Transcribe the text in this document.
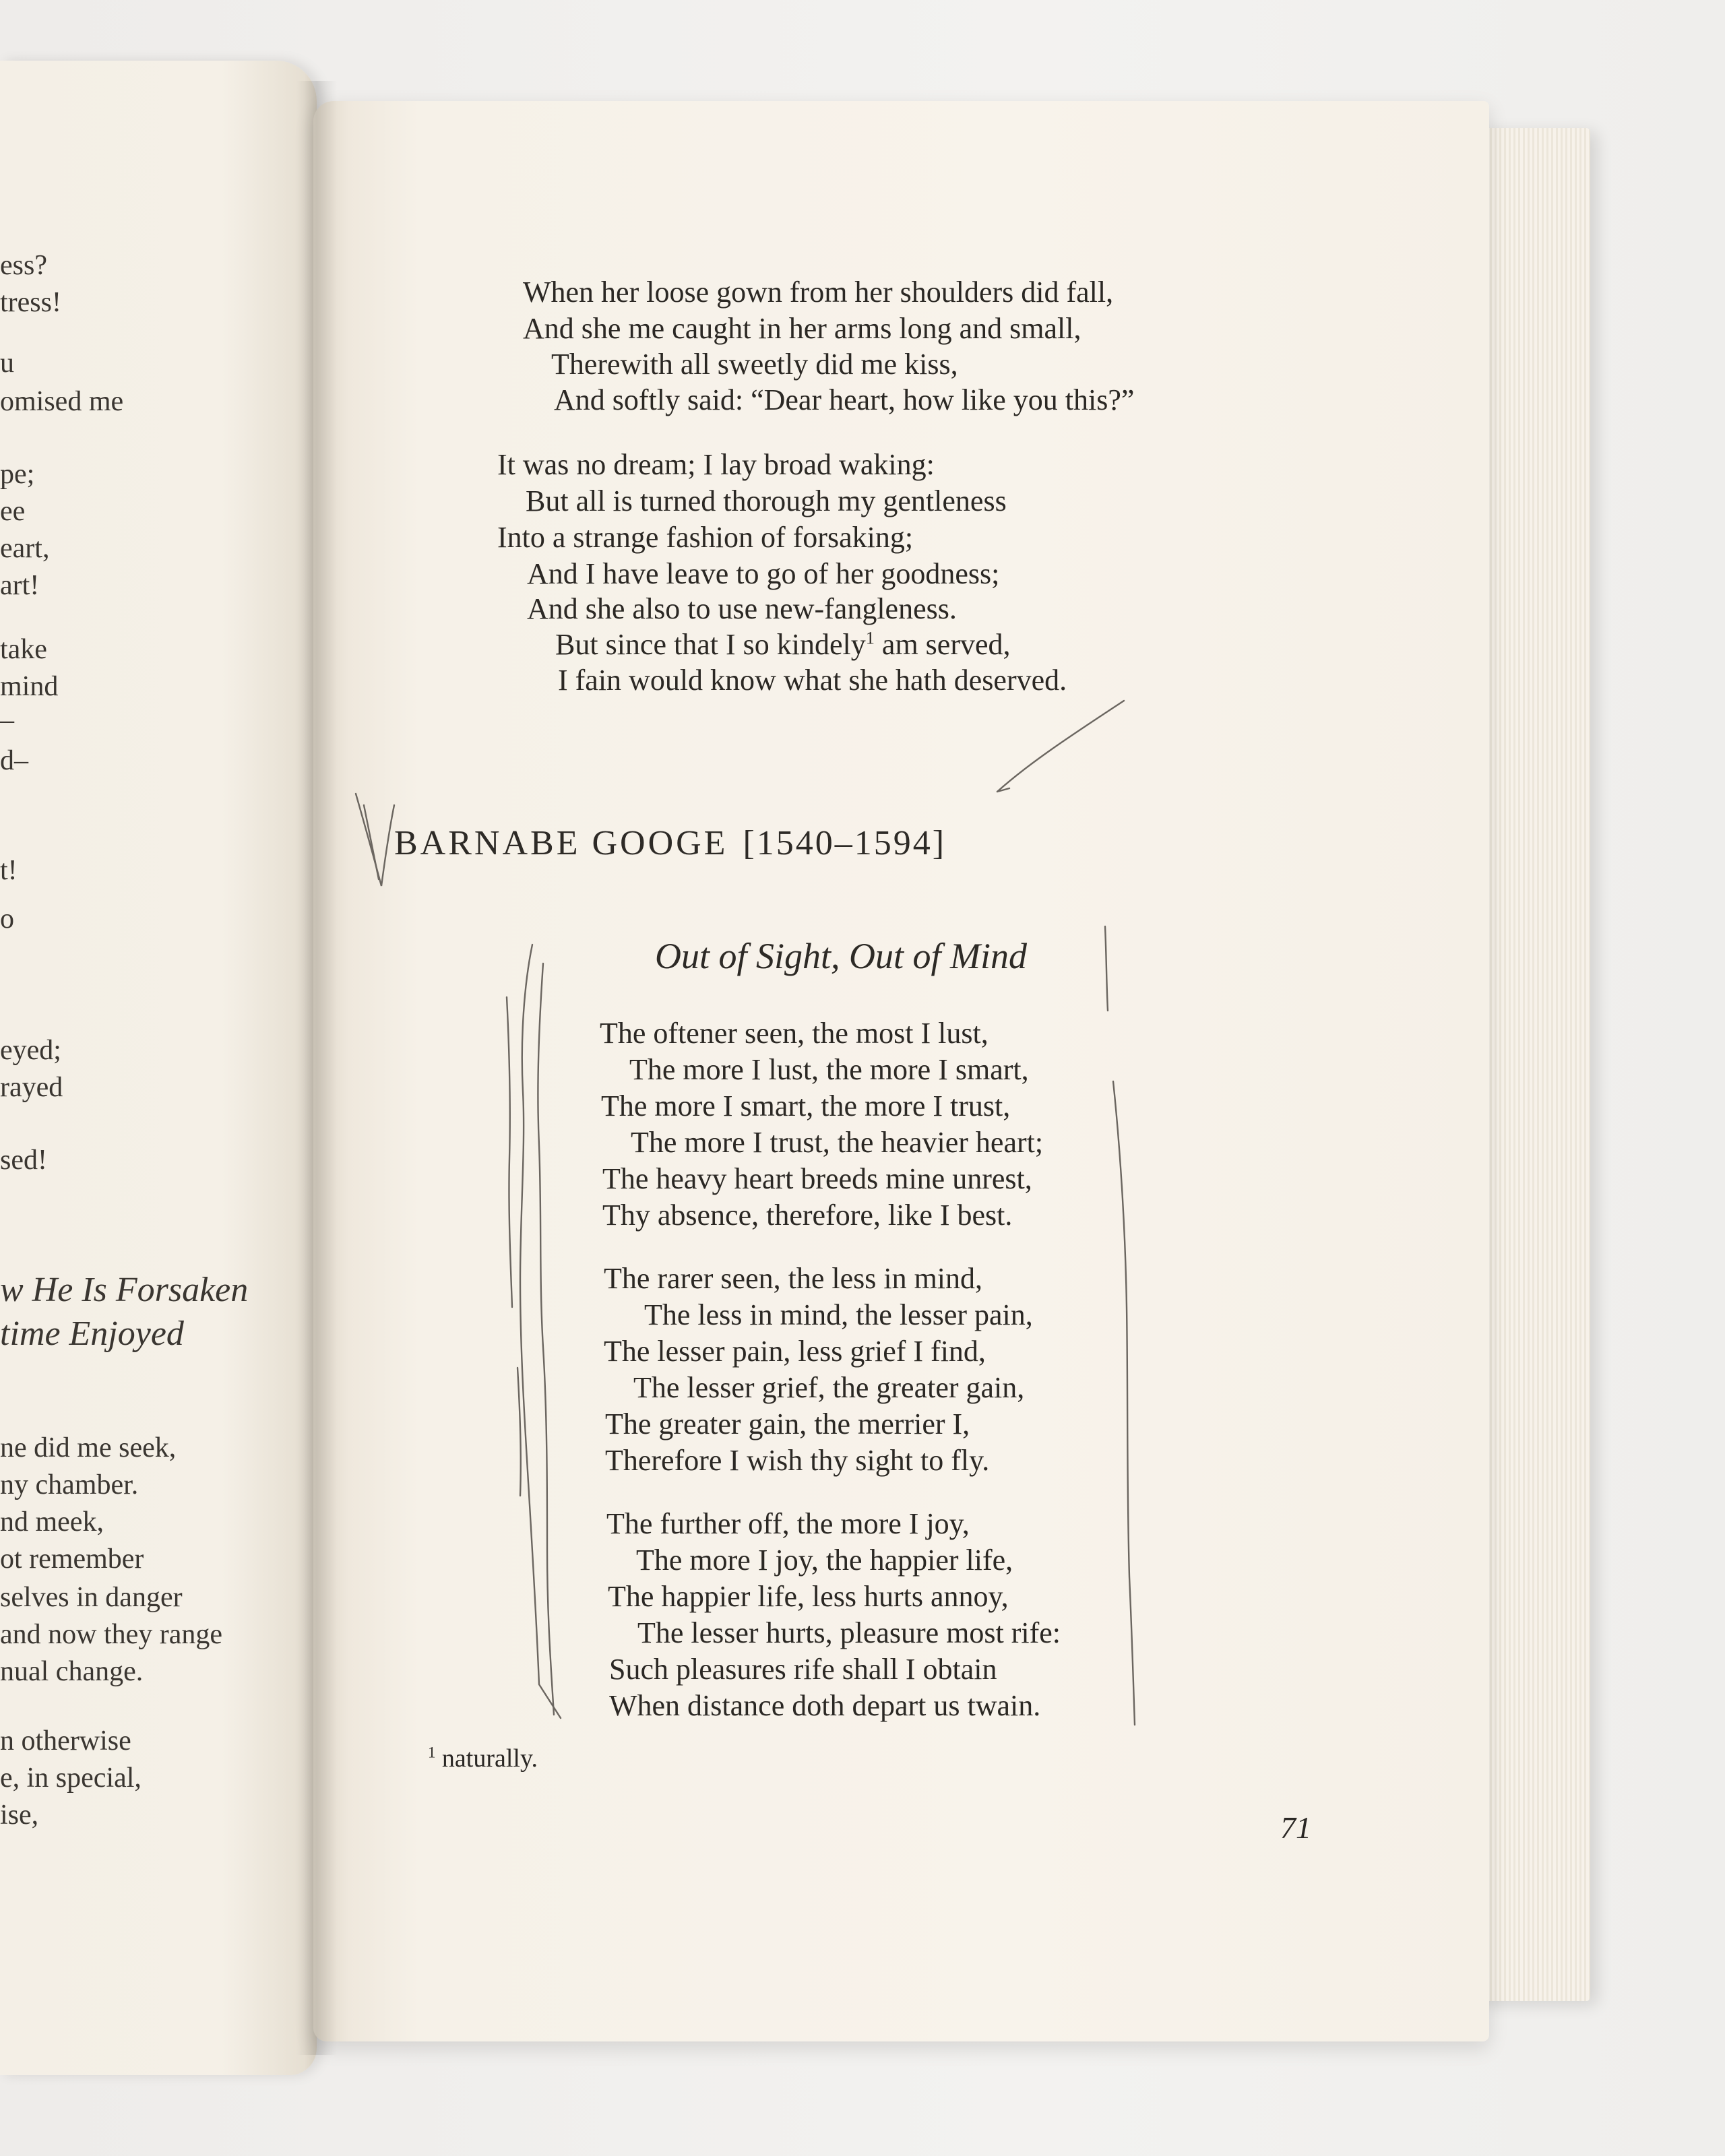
ess?
tress!
u
omised me
pe;
ee
eart,
art!
take
mind
–
d–
t!
o
eyed;
rayed
sed!
w He Is Forsaken
time Enjoyed
ne did me seek,
ny chamber.
nd meek,
ot remember
selves in danger
and now they range
nual change.
n otherwise
e, in special,
ise,
When her loose gown from her shoulders did fall,
And she me caught in her arms long and small,
Therewith all sweetly did me kiss,
And softly said: “Dear heart, how like you this?”
It was no dream; I lay broad waking:
But all is turned thorough my gentleness
Into a strange fashion of forsaking;
And I have leave to go of her goodness;
And she also to use new-fangleness.
But since that I so kindely$^1$ am served,
I fain would know what she hath deserved.
BARNABE GOOGE [1540–1594]
Out of Sight, Out of Mind
The oftener seen, the most I lust,
The more I lust, the more I smart,
The more I smart, the more I trust,
The more I trust, the heavier heart;
The heavy heart breeds mine unrest,
Thy absence, therefore, like I best.
The rarer seen, the less in mind,
The less in mind, the lesser pain,
The lesser pain, less grief I find,
The lesser grief, the greater gain,
The greater gain, the merrier I,
Therefore I wish thy sight to fly.
The further off, the more I joy,
The more I joy, the happier life,
The happier life, less hurts annoy,
The lesser hurts, pleasure most rife:
Such pleasures rife shall I obtain
When distance doth depart us twain.
$^1$ naturally.
71
